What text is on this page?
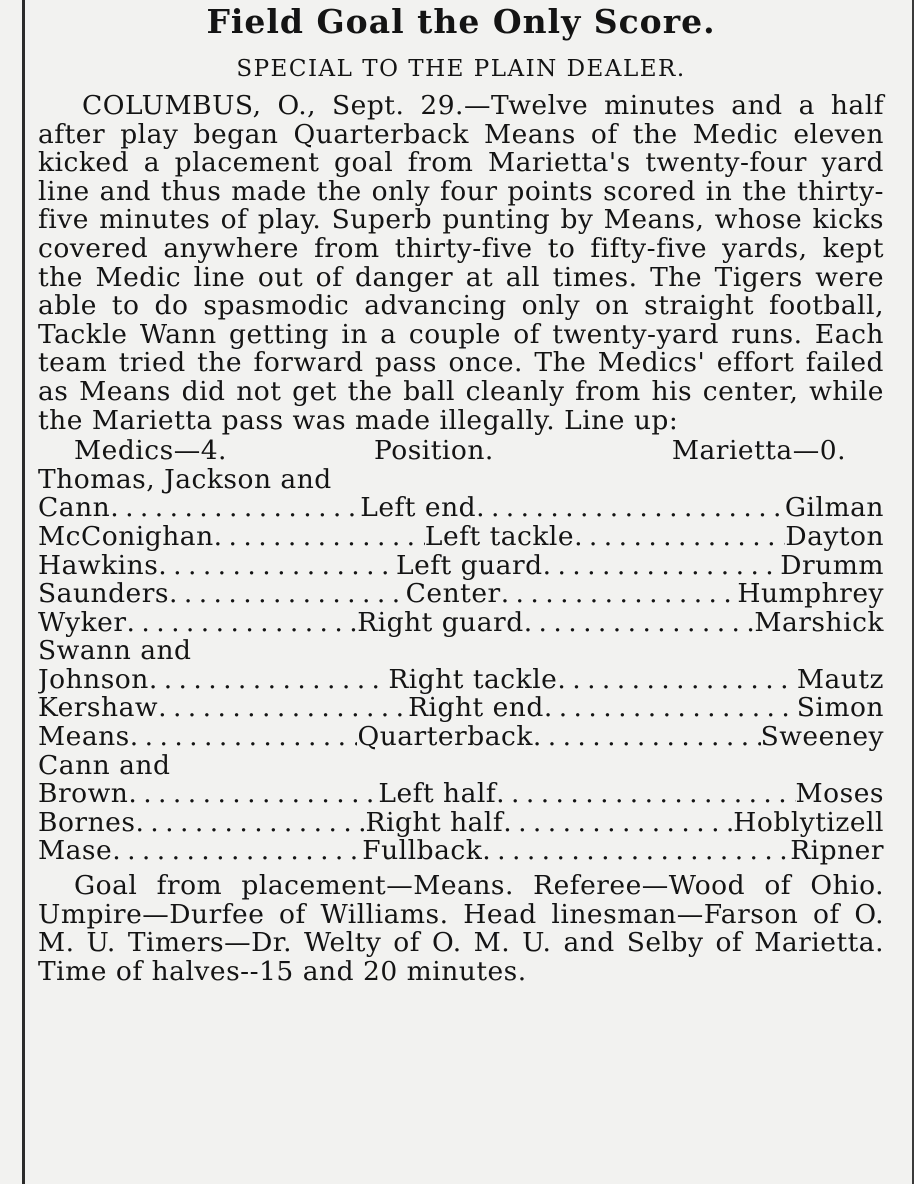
Field Goal the Only Score.
SPECIAL TO THE PLAIN DEALER.

COLUMBUS, O., Sept. 29.—Twelve minutes and a half after play began Quarterback Means of the Medic eleven kicked a placement goal from Marietta's twenty-four yard line and thus made the only four points scored in the thirty-five minutes of play. Superb punting by Means, whose kicks covered anywhere from thirty-five to fifty-five yards, kept the Medic line out of danger at all times. The Tigers were able to do spasmodic advancing only on straight football, Tackle Wann getting in a couple of twenty-yard runs. Each team tried the forward pass once. The Medics' effort failed as Means did not get the ball cleanly from his center, while the Marietta pass was made illegally. Line up:

Medics—4.	Position.	Marietta—0.
Thomas, Jackson and
Cann . . .	Left end . . .	Gilman
McConighan . . .	Left tackle . . .	Dayton
Hawkins . . .	Left guard . . .	Drumm
Saunders . . .	Center . . .	Humphrey
Wyker . . .	Right guard . . .	Marshick
Swann and
Johnson . . .	Right tackle . . .	Mautz
Kershaw . . .	Right end . . .	Simon
Means . . .	Quarterback . . .	Sweeney
Cann and
Brown . . .	Left half . . .	Moses
Bornes . . .	Right half . . .	Hoblytizell
Mase . . .	Fullback . . .	Ripner

Goal from placement—Means. Referee—Wood of Ohio. Umpire—Durfee of Williams. Head linesman—Farson of O. M. U. Timers—Dr. Welty of O. M. U. and Selby of Marietta. Time of halves--15 and 20 minutes.
